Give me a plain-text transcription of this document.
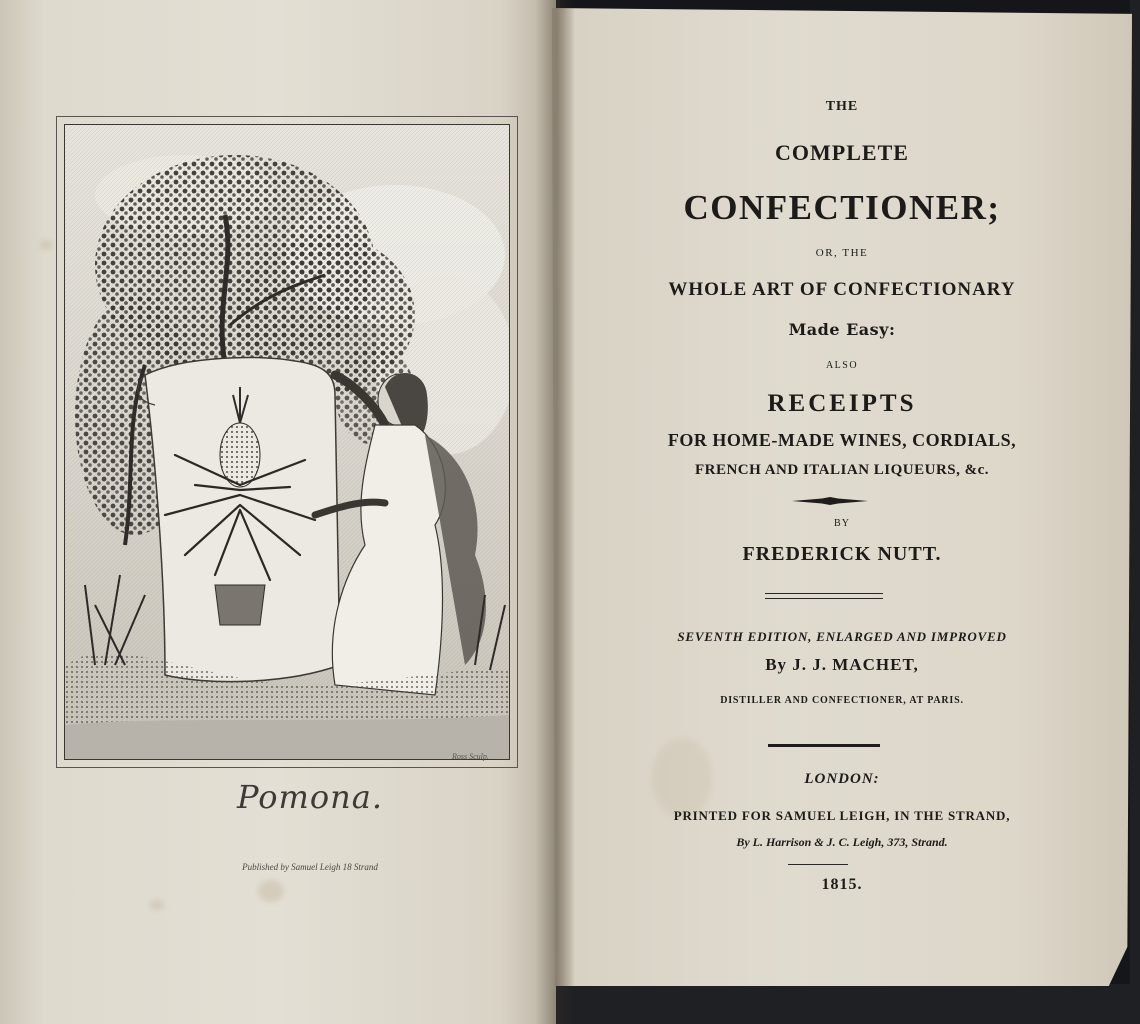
Ross Sculp.
Pomona.
Published by Samuel Leigh 18 Strand

THE

COMPLETE

CONFECTIONER;

OR, THE

WHOLE ART OF CONFECTIONARY

Made Easy:

ALSO

RECEIPTS

FOR HOME-MADE WINES, CORDIALS,

FRENCH AND ITALIAN LIQUEURS, &c.

BY

FREDERICK NUTT.

SEVENTH EDITION, ENLARGED AND IMPROVED

By J. J. MACHET,

DISTILLER AND CONFECTIONER, AT PARIS.

LONDON:

PRINTED FOR SAMUEL LEIGH, IN THE STRAND,

By L. Harrison & J. C. Leigh, 373, Strand.

1815.
